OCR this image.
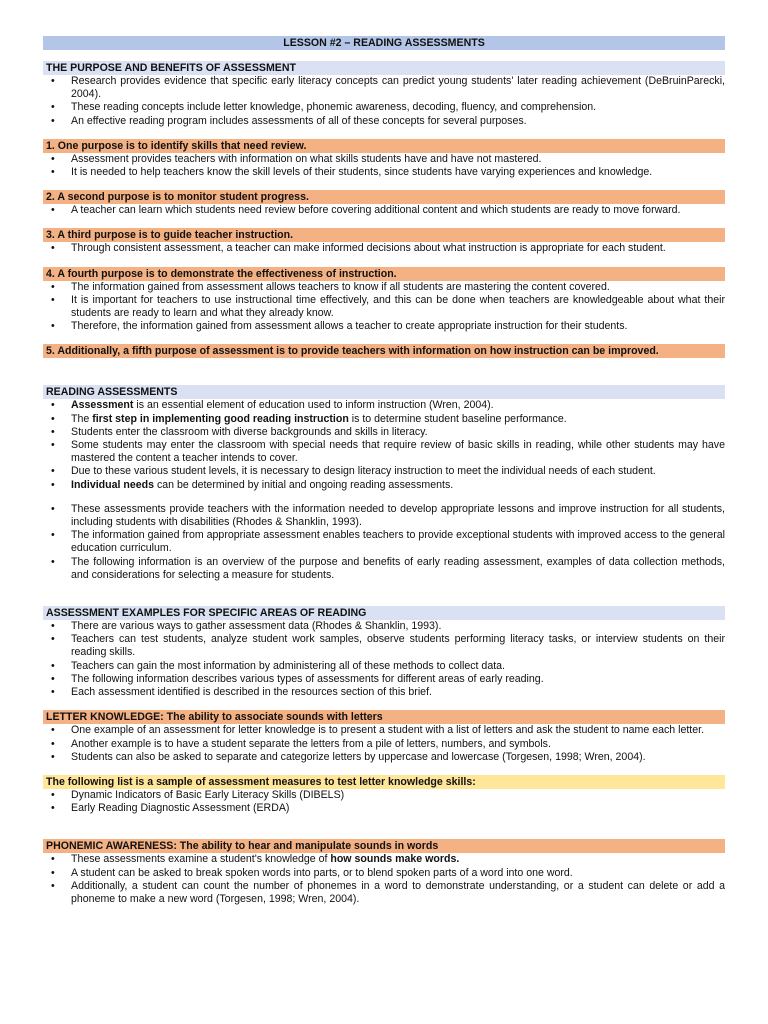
LESSON #2 – READING ASSESSMENTS
THE PURPOSE AND BENEFITS OF ASSESSMENT
• Research provides evidence that specific early literacy concepts can predict young students' later reading achievement (DeBruinParecki, 2004).
• These reading concepts include letter knowledge, phonemic awareness, decoding, fluency, and comprehension.
• An effective reading program includes assessments of all of these concepts for several purposes.
1. One purpose is to identify skills that need review.
• Assessment provides teachers with information on what skills students have and have not mastered.
• It is needed to help teachers know the skill levels of their students, since students have varying experiences and knowledge.
2. A second purpose is to monitor student progress.
• A teacher can learn which students need review before covering additional content and which students are ready to move forward.
3. A third purpose is to guide teacher instruction.
• Through consistent assessment, a teacher can make informed decisions about what instruction is appropriate for each student.
4. A fourth purpose is to demonstrate the effectiveness of instruction.
• The information gained from assessment allows teachers to know if all students are mastering the content covered.
• It is important for teachers to use instructional time effectively, and this can be done when teachers are knowledgeable about what their students are ready to learn and what they already know.
• Therefore, the information gained from assessment allows a teacher to create appropriate instruction for their students.
5. Additionally, a fifth purpose of assessment is to provide teachers with information on how instruction can be improved.
READING ASSESSMENTS
• Assessment is an essential element of education used to inform instruction (Wren, 2004).
• The first step in implementing good reading instruction is to determine student baseline performance.
• Students enter the classroom with diverse backgrounds and skills in literacy.
• Some students may enter the classroom with special needs that require review of basic skills in reading, while other students may have mastered the content a teacher intends to cover.
• Due to these various student levels, it is necessary to design literacy instruction to meet the individual needs of each student.
• Individual needs can be determined by initial and ongoing reading assessments.
• These assessments provide teachers with the information needed to develop appropriate lessons and improve instruction for all students, including students with disabilities (Rhodes & Shanklin, 1993).
• The information gained from appropriate assessment enables teachers to provide exceptional students with improved access to the general education curriculum.
• The following information is an overview of the purpose and benefits of early reading assessment, examples of data collection methods, and considerations for selecting a measure for students.
ASSESSMENT EXAMPLES FOR SPECIFIC AREAS OF READING
• There are various ways to gather assessment data (Rhodes & Shanklin, 1993).
• Teachers can test students, analyze student work samples, observe students performing literacy tasks, or interview students on their reading skills.
• Teachers can gain the most information by administering all of these methods to collect data.
• The following information describes various types of assessments for different areas of early reading.
• Each assessment identified is described in the resources section of this brief.
LETTER KNOWLEDGE: The ability to associate sounds with letters
• One example of an assessment for letter knowledge is to present a student with a list of letters and ask the student to name each letter.
• Another example is to have a student separate the letters from a pile of letters, numbers, and symbols.
• Students can also be asked to separate and categorize letters by uppercase and lowercase (Torgesen, 1998; Wren, 2004).
The following list is a sample of assessment measures to test letter knowledge skills:
• Dynamic Indicators of Basic Early Literacy Skills (DIBELS)
• Early Reading Diagnostic Assessment (ERDA)
PHONEMIC AWARENESS: The ability to hear and manipulate sounds in words
• These assessments examine a student's knowledge of how sounds make words.
• A student can be asked to break spoken words into parts, or to blend spoken parts of a word into one word.
• Additionally, a student can count the number of phonemes in a word to demonstrate understanding, or a student can delete or add a phoneme to make a new word (Torgesen, 1998; Wren, 2004).
